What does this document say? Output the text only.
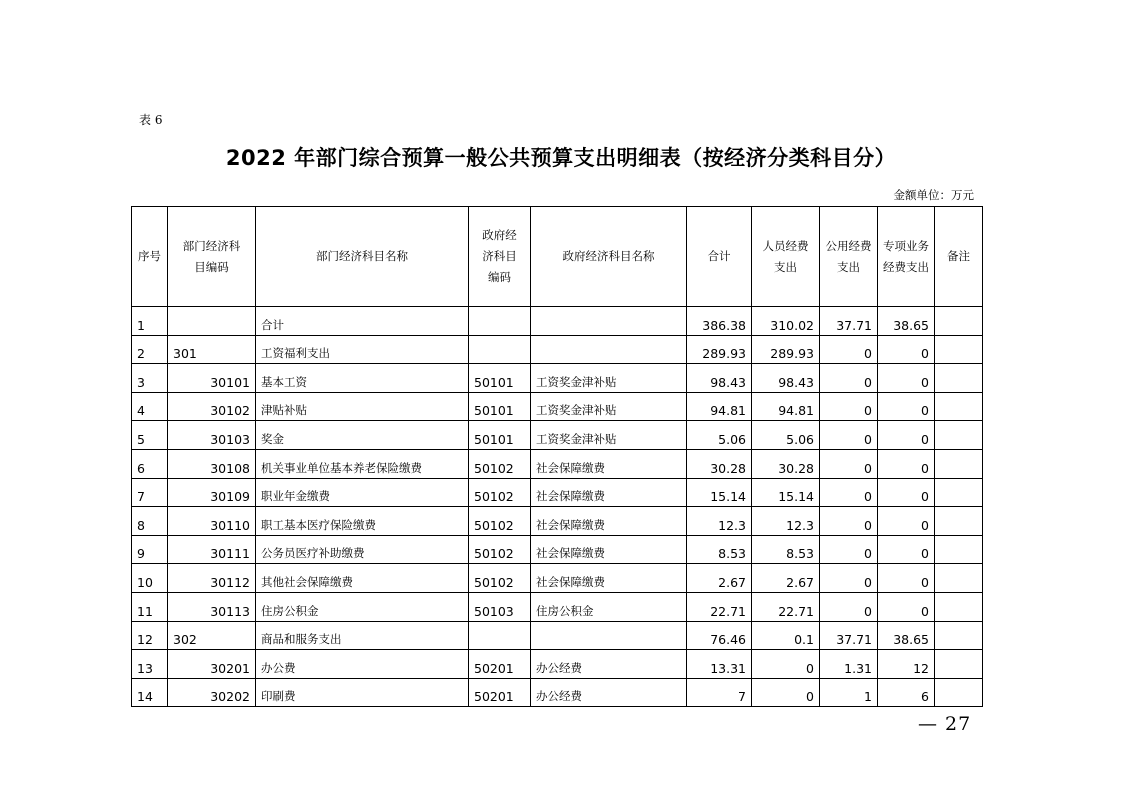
表 6
2022 年部门综合预算一般公共预算支出明细表（按经济分类科目分）
金额单位：万元
序号	部门经济科目编码	部门经济科目名称	政府经济科目编码	政府经济科目名称	合计	人员经费支出	公用经费支出	专项业务经费支出	备注
1		合计			386.38	310.02	37.71	38.65	
2	301	工资福利支出			289.93	289.93	0	0	
3	30101	基本工资	50101	工资奖金津补贴	98.43	98.43	0	0	
4	30102	津贴补贴	50101	工资奖金津补贴	94.81	94.81	0	0	
5	30103	奖金	50101	工资奖金津补贴	5.06	5.06	0	0	
6	30108	机关事业单位基本养老保险缴费	50102	社会保障缴费	30.28	30.28	0	0	
7	30109	职业年金缴费	50102	社会保障缴费	15.14	15.14	0	0	
8	30110	职工基本医疗保险缴费	50102	社会保障缴费	12.3	12.3	0	0	
9	30111	公务员医疗补助缴费	50102	社会保障缴费	8.53	8.53	0	0	
10	30112	其他社会保障缴费	50102	社会保障缴费	2.67	2.67	0	0	
11	30113	住房公积金	50103	住房公积金	22.71	22.71	0	0	
12	302	商品和服务支出			76.46	0.1	37.71	38.65	
13	30201	办公费	50201	办公经费	13.31	0	1.31	12	
14	30202	印刷费	50201	办公经费	7	0	1	6	
— 27
